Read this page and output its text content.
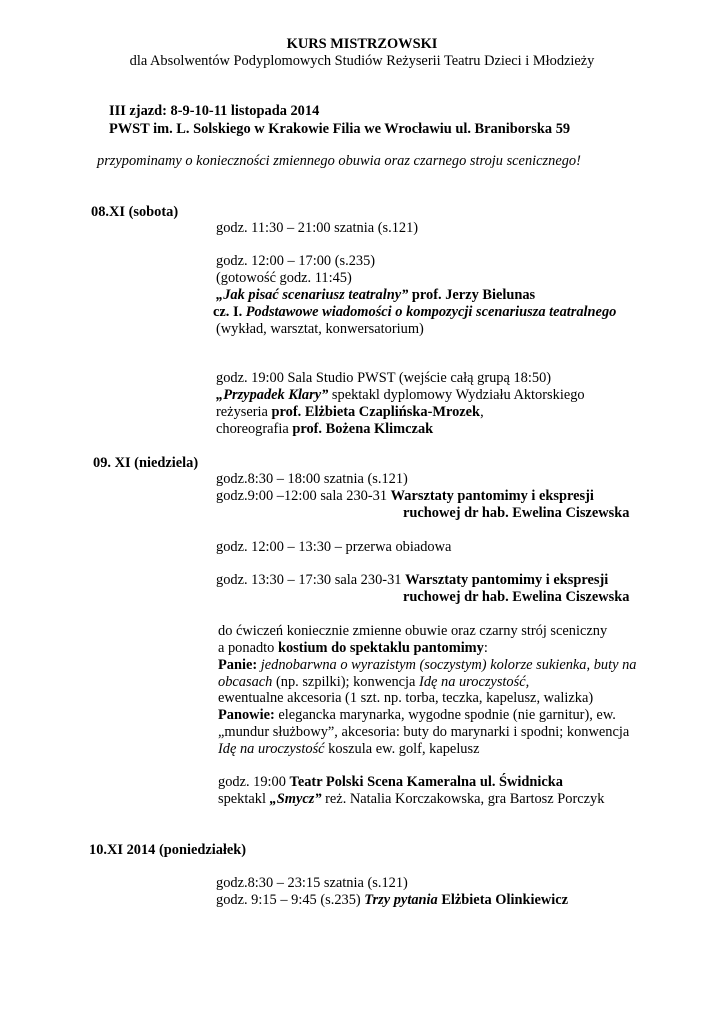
KURS MISTRZOWSKI
dla Absolwentów Podyplomowych Studiów Reżyserii Teatru Dzieci i Młodzieży
III zjazd: 8-9-10-11 listopada 2014
PWST im. L. Solskiego w Krakowie Filia we Wrocławiu ul. Braniborska 59
przypominamy o konieczności zmiennego obuwia oraz czarnego stroju scenicznego!
08.XI (sobota)
godz. 11:30 – 21:00 szatnia (s.121)
godz. 12:00 – 17:00 (s.235)
(gotowość godz. 11:45)
„Jak pisać scenariusz teatralny” prof. Jerzy Bielunas
cz. I. Podstawowe wiadomości o kompozycji scenariusza teatralnego
(wykład, warsztat, konwersatorium)
godz. 19:00 Sala Studio PWST (wejście całą grupą 18:50)
„Przypadek Klary” spektakl dyplomowy Wydziału Aktorskiego
reżyseria prof. Elżbieta Czaplińska-Mrozek,
choreografia prof. Bożena Klimczak
09. XI (niedziela)
godz.8:30 – 18:00 szatnia (s.121)
godz.9:00 –12:00 sala 230-31 Warsztaty pantomimy i ekspresji
ruchowej dr hab. Ewelina Ciszewska
godz. 12:00 – 13:30 – przerwa obiadowa
godz. 13:30 – 17:30 sala 230-31 Warsztaty pantomimy i ekspresji
ruchowej dr hab. Ewelina Ciszewska
do ćwiczeń koniecznie zmienne obuwie oraz czarny strój sceniczny
a ponadto kostium do spektaklu pantomimy:
Panie: jednobarwna o wyrazistym (soczystym) kolorze sukienka, buty na
obcasach (np. szpilki); konwencja Idę na uroczystość,
ewentualne akcesoria (1 szt. np. torba, teczka, kapelusz, walizka)
Panowie: elegancka marynarka, wygodne spodnie (nie garnitur), ew.
„mundur służbowy”, akcesoria: buty do marynarki i spodni; konwencja
Idę na uroczystość koszula ew. golf, kapelusz
godz. 19:00 Teatr Polski Scena Kameralna ul. Świdnicka
spektakl „Smycz” reż. Natalia Korczakowska, gra Bartosz Porczyk
10.XI 2014 (poniedziałek)
godz.8:30 – 23:15 szatnia (s.121)
godz. 9:15 – 9:45 (s.235) Trzy pytania Elżbieta Olinkiewicz
